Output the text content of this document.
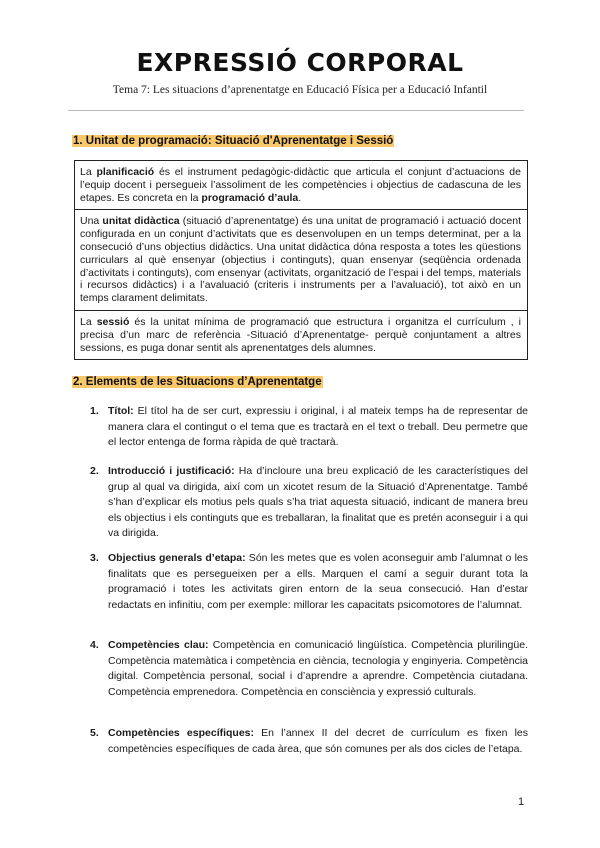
EXPRESSIÓ CORPORAL
Tema 7: Les situacions d’aprenentatge en Educació Física per a Educació Infantil
1. Unitat de programació: Situació d'Aprenentatge i Sessió
La planificació és el instrument pedagògic-didàctic que articula el conjunt d’actuacions de l’equip docent i persegueix l’assoliment de les competències i objectius de cadascuna de les etapes. Es concreta en la programació d’aula.
Una unitat didàctica (situació d’aprenentatge) és una unitat de programació i actuació docent configurada en un conjunt d’activitats que es desenvolupen en un temps determinat, per a la consecució d’uns objectius didàctics. Una unitat didàctica dóna resposta a totes les qüestions curriculars al què ensenyar (objectius i continguts), quan ensenyar (seqüència ordenada d’activitats i continguts), com ensenyar (activitats, organització de l’espai i del temps, materials i recursos didàctics) i a l’avaluació (criteris i instruments per a l’avaluació), tot això en un temps clarament delimitats.
La sessió és la unitat mínima de programació que estructura i organitza el currículum , i precisa d’un marc de referència -Situació d’Aprenentatge- perquè conjuntament a altres sessions, es puga donar sentit als aprenentatges dels alumnes.
2. Elements de les Situacions d’Aprenentatge
1. Títol: El títol ha de ser curt, expressiu i original, i al mateix temps ha de representar de manera clara el contingut o el tema que es tractarà en el text o treball. Deu permetre que el lector entenga de forma ràpida de què tractarà.
2. Introducció i justificació: Ha d’incloure una breu explicació de les característiques del grup al qual va dirigida, així com un xicotet resum de la Situació d’Aprenentatge. També s’han d’explicar els motius pels quals s’ha triat aquesta situació, indicant de manera breu els objectius i els continguts que es treballaran, la finalitat que es pretén aconseguir i a qui va dirigida.
3. Objectius generals d’etapa: Són les metes que es volen aconseguir amb l’alumnat o les finalitats que es persegueixen per a ells. Marquen el camí a seguir durant tota la programació i totes les activitats giren entorn de la seua consecució. Han d’estar redactats en infinitiu, com per exemple: millorar les capacitats psicomotores de l’alumnat.
4. Competències clau: Competència en comunicació lingüística. Competència plurilingüe. Competència matemàtica i competència en ciència, tecnologia y enginyeria. Competència digital. Competència personal, social i d’aprendre a aprendre. Competència ciutadana. Competència emprenedora. Competència en consciència y expressió culturals.
5. Competències específiques: En l’annex II del decret de currículum es fixen les competències específiques de cada àrea, que són comunes per als dos cicles de l’etapa.
1
